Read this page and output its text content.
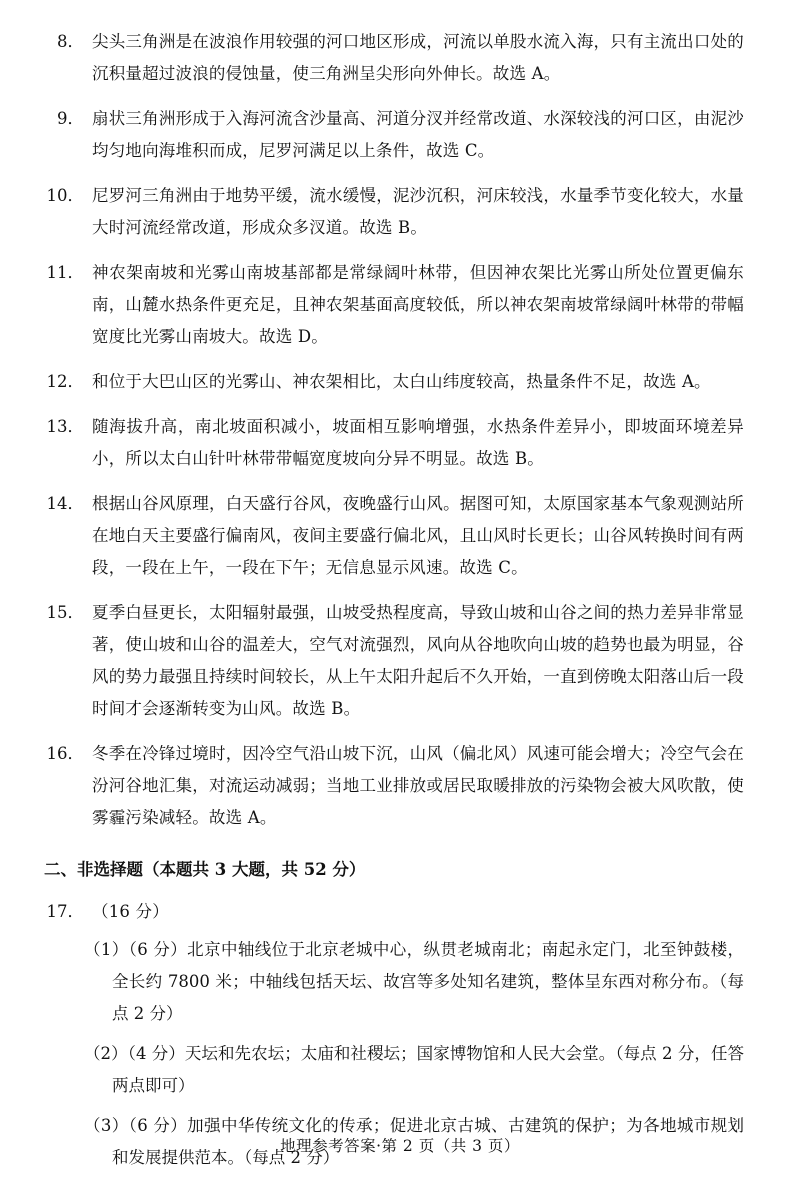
8． 尖头三角洲是在波浪作用较强的河口地区形成，河流以单股水流入海，只有主流出口处的沉积量超过波浪的侵蚀量，使三角洲呈尖形向外伸长。故选 A。
9． 扇状三角洲形成于入海河流含沙量高、河道分汊并经常改道、水深较浅的河口区，由泥沙均匀地向海堆积而成，尼罗河满足以上条件，故选 C。
10． 尼罗河三角洲由于地势平缓，流水缓慢，泥沙沉积，河床较浅，水量季节变化较大，水量大时河流经常改道，形成众多汊道。故选 B。
11． 神农架南坡和光雾山南坡基部都是常绿阔叶林带，但因神农架比光雾山所处位置更偏东南，山麓水热条件更充足，且神农架基面高度较低，所以神农架南坡常绿阔叶林带的带幅宽度比光雾山南坡大。故选 D。
12． 和位于大巴山区的光雾山、神农架相比，太白山纬度较高，热量条件不足，故选 A。
13． 随海拔升高，南北坡面积减小，坡面相互影响增强，水热条件差异小，即坡面环境差异小，所以太白山针叶林带带幅宽度坡向分异不明显。故选 B。
14． 根据山谷风原理，白天盛行谷风，夜晚盛行山风。据图可知，太原国家基本气象观测站所在地白天主要盛行偏南风，夜间主要盛行偏北风，且山风时长更长；山谷风转换时间有两段，一段在上午，一段在下午；无信息显示风速。故选 C。
15． 夏季白昼更长，太阳辐射最强，山坡受热程度高，导致山坡和山谷之间的热力差异非常显著，使山坡和山谷的温差大，空气对流强烈，风向从谷地吹向山坡的趋势也最为明显，谷风的势力最强且持续时间较长，从上午太阳升起后不久开始，一直到傍晚太阳落山后一段时间才会逐渐转变为山风。故选 B。
16． 冬季在冷锋过境时，因冷空气沿山坡下沉，山风（偏北风）风速可能会增大；冷空气会在汾河谷地汇集，对流运动减弱；当地工业排放或居民取暖排放的污染物会被大风吹散，使雾霾污染减轻。故选 A。
二、非选择题（本题共 3 大题，共 52 分）
17． （16 分）
（1）（6 分）北京中轴线位于北京老城中心，纵贯老城南北；南起永定门，北至钟鼓楼，全长约 7800 米；中轴线包括天坛、故宫等多处知名建筑，整体呈东西对称分布。（每点 2 分）
（2）（4 分）天坛和先农坛；太庙和社稷坛；国家博物馆和人民大会堂。（每点 2 分，任答两点即可）
（3）（6 分）加强中华传统文化的传承；促进北京古城、古建筑的保护；为各地城市规划和发展提供范本。（每点 2 分）
地理参考答案·第 2 页（共 3 页）
